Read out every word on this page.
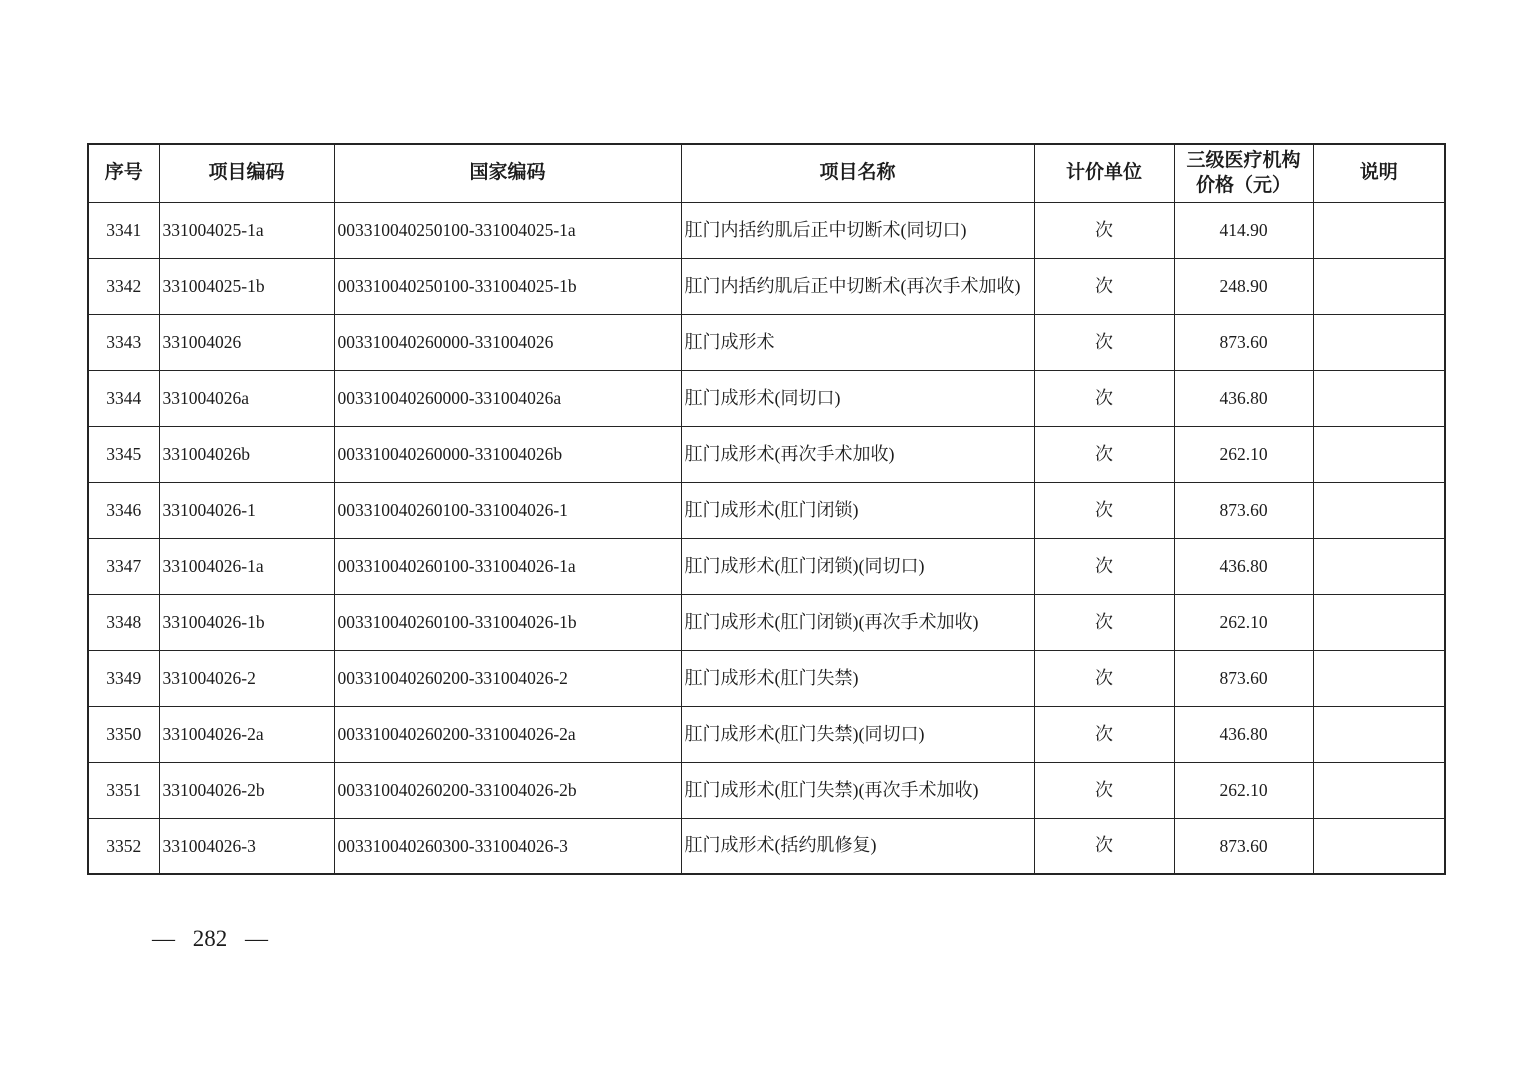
序号	项目编码	国家编码	项目名称	计价单位	三级医疗机构价格（元）	说明
3341	331004025-1a	003310040250100-331004025-1a	肛门内括约肌后正中切断术(同切口)	次	414.90	
3342	331004025-1b	003310040250100-331004025-1b	肛门内括约肌后正中切断术(再次手术加收)	次	248.90	
3343	331004026	003310040260000-331004026	肛门成形术	次	873.60	
3344	331004026a	003310040260000-331004026a	肛门成形术(同切口)	次	436.80	
3345	331004026b	003310040260000-331004026b	肛门成形术(再次手术加收)	次	262.10	
3346	331004026-1	003310040260100-331004026-1	肛门成形术(肛门闭锁)	次	873.60	
3347	331004026-1a	003310040260100-331004026-1a	肛门成形术(肛门闭锁)(同切口)	次	436.80	
3348	331004026-1b	003310040260100-331004026-1b	肛门成形术(肛门闭锁)(再次手术加收)	次	262.10	
3349	331004026-2	003310040260200-331004026-2	肛门成形术(肛门失禁)	次	873.60	
3350	331004026-2a	003310040260200-331004026-2a	肛门成形术(肛门失禁)(同切口)	次	436.80	
3351	331004026-2b	003310040260200-331004026-2b	肛门成形术(肛门失禁)(再次手术加收)	次	262.10	
3352	331004026-3	003310040260300-331004026-3	肛门成形术(括约肌修复)	次	873.60	
— 282 —
